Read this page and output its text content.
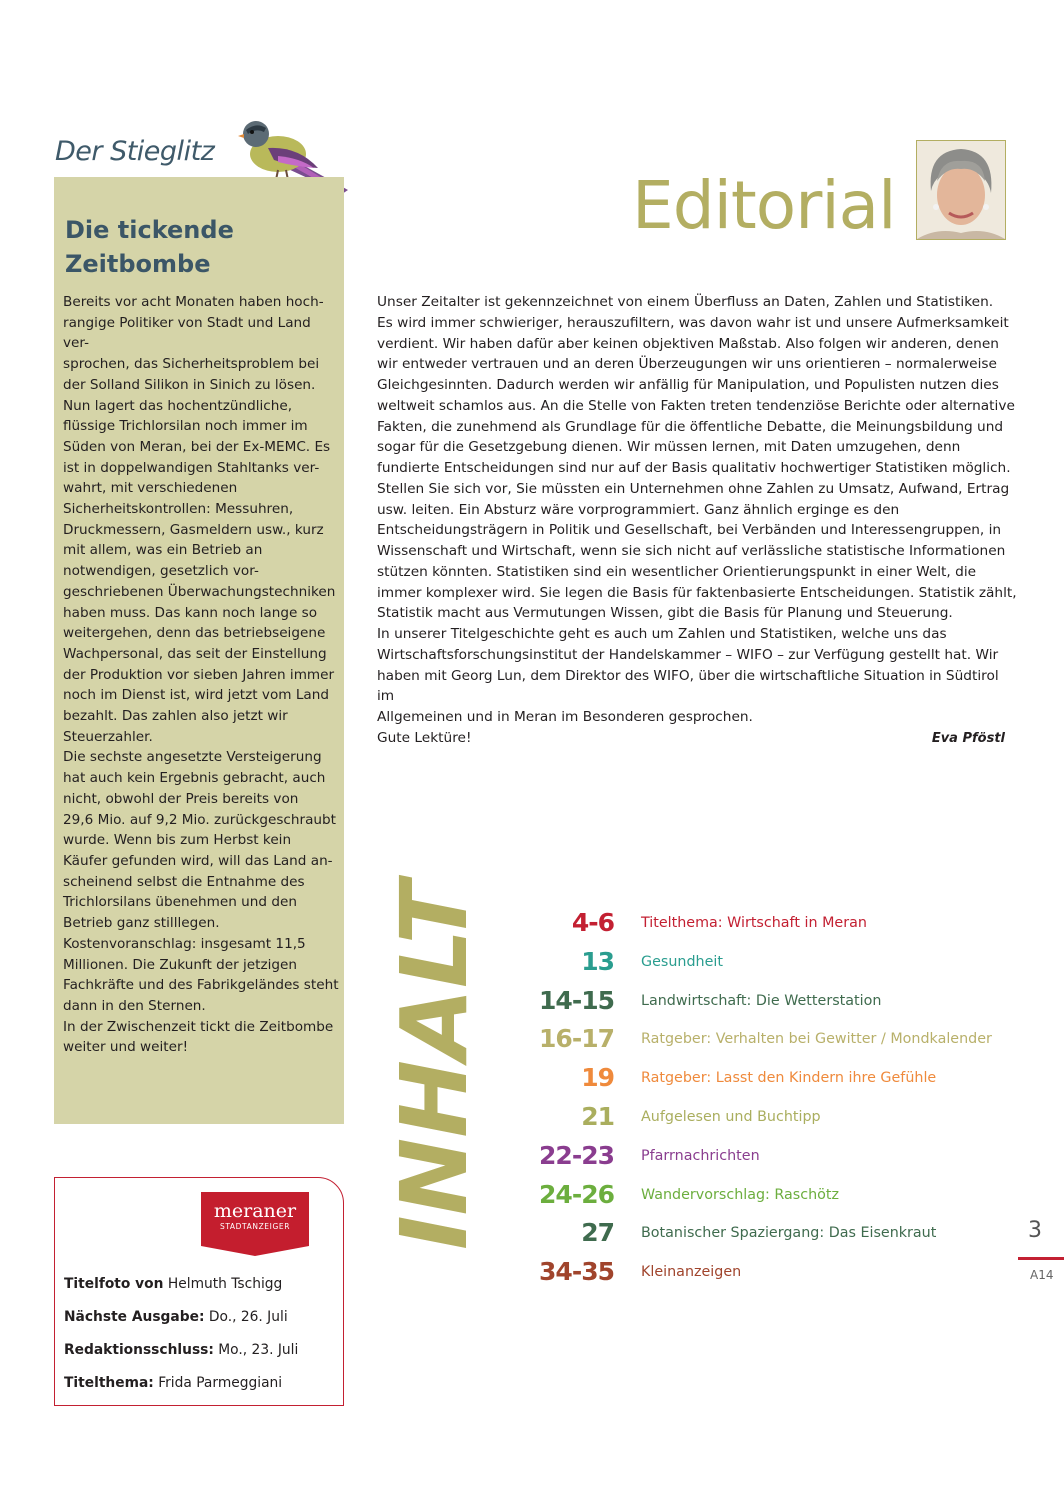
Der Stieglitz
Die tickende Zeitbombe
Bereits vor acht Monaten haben hoch-
rangige Politiker von Stadt und Land ver-
sprochen, das Sicherheitsproblem bei
der Solland Silikon in Sinich zu lösen.
Nun lagert das hochentzündliche,
flüssige Trichlorsilan noch immer im
Süden von Meran, bei der Ex-MEMC. Es
ist in doppelwandigen Stahltanks ver-
wahrt, mit verschiedenen
Sicherheitskontrollen: Messuhren,
Druckmessern, Gasmeldern usw., kurz
mit allem, was ein Betrieb an
notwendigen, gesetzlich vor-
geschriebenen Überwachungstechniken
haben muss. Das kann noch lange so
weitergehen, denn das betriebseigene
Wachpersonal, das seit der Einstellung
der Produktion vor sieben Jahren immer
noch im Dienst ist, wird jetzt vom Land
bezahlt. Das zahlen also jetzt wir
Steuerzahler.
Die sechste angesetzte Versteigerung
hat auch kein Ergebnis gebracht, auch
nicht, obwohl der Preis bereits von
29,6 Mio. auf 9,2 Mio. zurückgeschraubt
wurde. Wenn bis zum Herbst kein
Käufer gefunden wird, will das Land an-
scheinend selbst die Entnahme des
Trichlorsilans übenehmen und den
Betrieb ganz stilllegen.
Kostenvoranschlag: insgesamt 11,5
Millionen. Die Zukunft der jetzigen
Fachkräfte und des Fabrikgeländes steht
dann in den Sternen.
In der Zwischenzeit tickt die Zeitbombe
weiter und weiter!
meraner
STADTANZEIGER
Titelfoto von Helmuth Tschigg
Nächste Ausgabe: Do., 26. Juli
Redaktionsschluss: Mo., 23. Juli
Titelthema: Frida Parmeggiani
Editorial
Unser Zeitalter ist gekennzeichnet von einem Überfluss an Daten, Zahlen und Statistiken.
Es wird immer schwieriger, herauszufiltern, was davon wahr ist und unsere Aufmerksamkeit
verdient. Wir haben dafür aber keinen objektiven Maßstab. Also folgen wir anderen, denen
wir entweder vertrauen und an deren Überzeugungen wir uns orientieren – normalerweise
Gleichgesinnten. Dadurch werden wir anfällig für Manipulation, und Populisten nutzen dies
weltweit schamlos aus. An die Stelle von Fakten treten tendenziöse Berichte oder alternative
Fakten, die zunehmend als Grundlage für die öffentliche Debatte, die Meinungsbildung und
sogar für die Gesetzgebung dienen. Wir müssen lernen, mit Daten umzugehen, denn
fundierte Entscheidungen sind nur auf der Basis qualitativ hochwertiger Statistiken möglich.
Stellen Sie sich vor, Sie müssten ein Unternehmen ohne Zahlen zu Umsatz, Aufwand, Ertrag
usw. leiten. Ein Absturz wäre vorprogrammiert. Ganz ähnlich erginge es den
Entscheidungsträgern in Politik und Gesellschaft, bei Verbänden und Interessengruppen, in
Wissenschaft und Wirtschaft, wenn sie sich nicht auf verlässliche statistische Informationen
stützen könnten. Statistiken sind ein wesentlicher Orientierungspunkt in einer Welt, die
immer komplexer wird. Sie legen die Basis für faktenbasierte Entscheidungen. Statistik zählt,
Statistik macht aus Vermutungen Wissen, gibt die Basis für Planung und Steuerung.
In unserer Titelgeschichte geht es auch um Zahlen und Statistiken, welche uns das
Wirtschaftsforschungsinstitut der Handelskammer – WIFO – zur Verfügung gestellt hat. Wir
haben mit Georg Lun, dem Direktor des WIFO, über die wirtschaftliche Situation in Südtirol im
Allgemeinen und in Meran im Besonderen gesprochen.
Gute Lektüre!	Eva Pföstl
INHALT	4-6 Titelthema: Wirtschaft in Meran
13 Gesundheit
14-15 Landwirtschaft: Die Wetterstation
16-17 Ratgeber: Verhalten bei Gewitter / Mondkalender
19 Ratgeber: Lasst den Kindern ihre Gefühle
21 Aufgelesen und Buchtipp
22-23 Pfarrnachrichten
24-26 Wandervorschlag: Raschötz
27 Botanischer Spaziergang: Das Eisenkraut
34-35 Kleinanzeigen
3
A14
